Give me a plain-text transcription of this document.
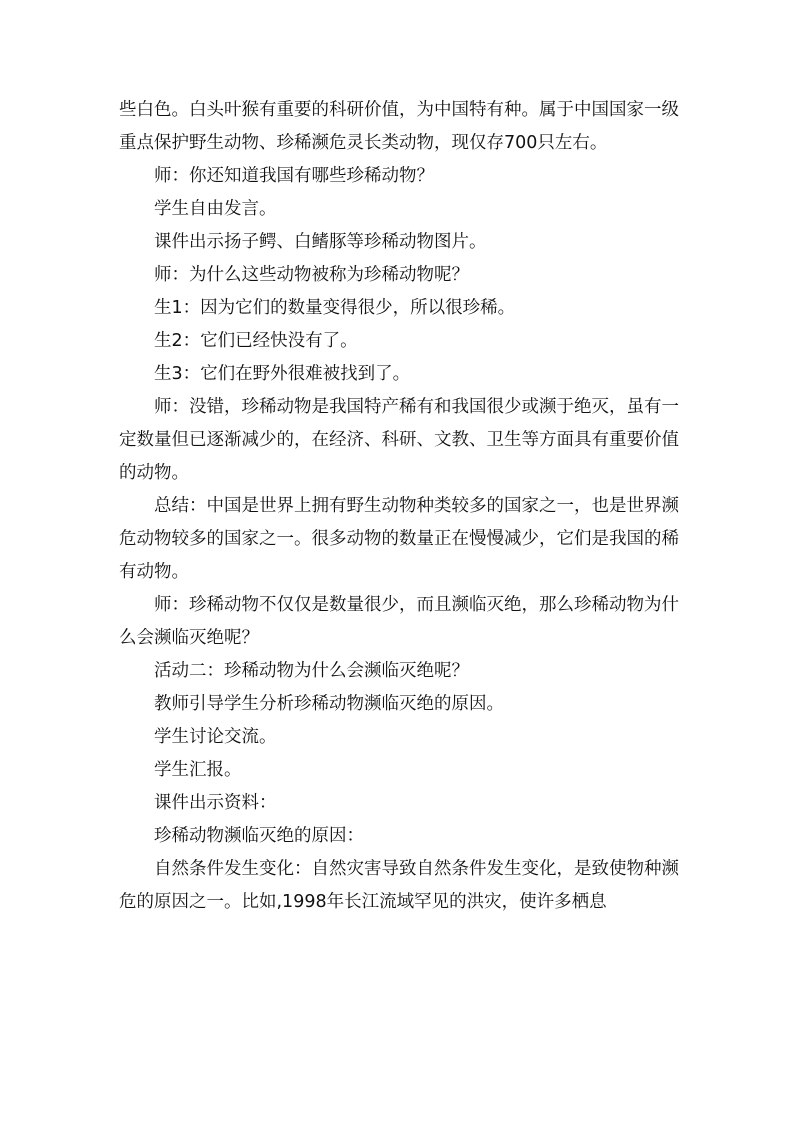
些白色。白头叶猴有重要的科研价值，为中国特有种。属于中国国家一级重点保护野生动物、珍稀濒危灵长类动物，现仅存700只左右。

师：你还知道我国有哪些珍稀动物？

学生自由发言。

课件出示扬子鳄、白鳍豚等珍稀动物图片。

师：为什么这些动物被称为珍稀动物呢？

生1：因为它们的数量变得很少，所以很珍稀。

生2：它们已经快没有了。

生3：它们在野外很难被找到了。

师：没错，珍稀动物是我国特产稀有和我国很少或濒于绝灭，虽有一定数量但已逐渐减少的，在经济、科研、文教、卫生等方面具有重要价值的动物。

总结：中国是世界上拥有野生动物种类较多的国家之一，也是世界濒危动物较多的国家之一。很多动物的数量正在慢慢减少，它们是我国的稀有动物。

师：珍稀动物不仅仅是数量很少，而且濒临灭绝，那么珍稀动物为什么会濒临灭绝呢？

活动二：珍稀动物为什么会濒临灭绝呢？

教师引导学生分析珍稀动物濒临灭绝的原因。

学生讨论交流。

学生汇报。

课件出示资料：

珍稀动物濒临灭绝的原因：

自然条件发生变化：自然灾害导致自然条件发生变化，是致使物种濒危的原因之一。比如,1998年长江流域罕见的洪灾，使许多栖息
